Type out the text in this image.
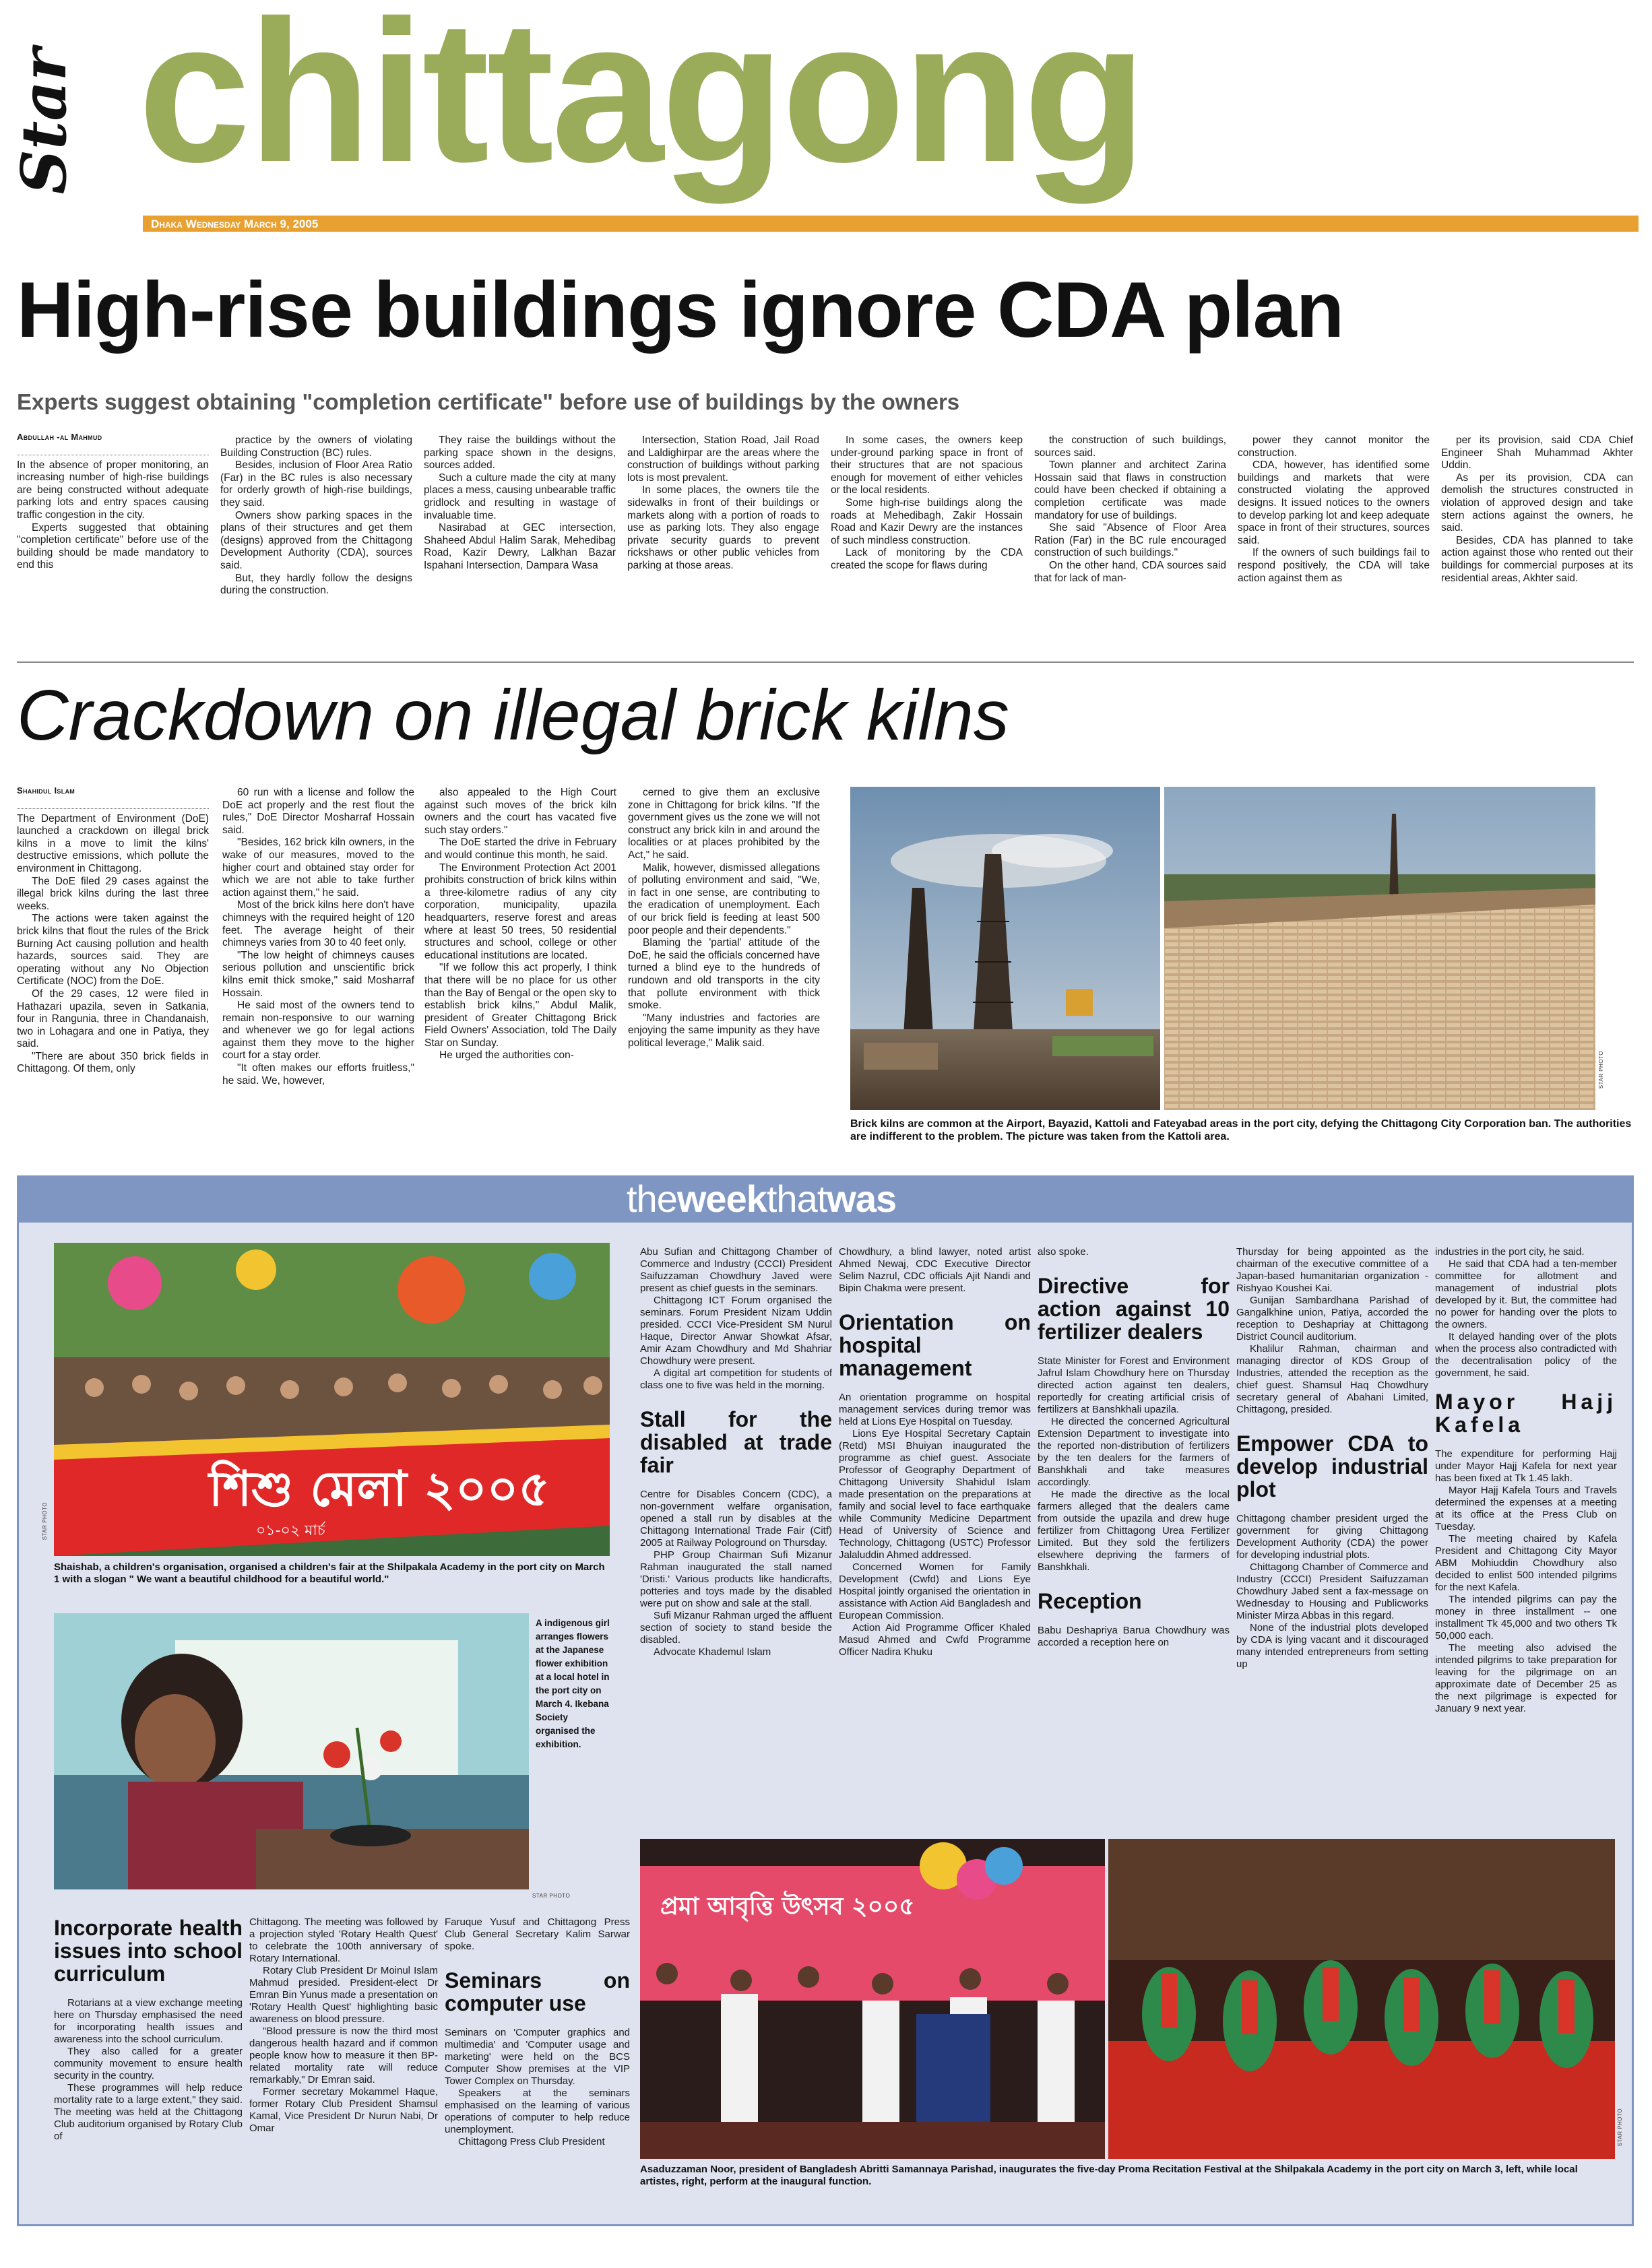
Star chittagong
Dhaka Wednesday March 9, 2005
High-rise buildings ignore CDA plan
Experts suggest obtaining "completion certificate" before use of buildings by the owners
Abdullah -al Mahmud

In the absence of proper monitoring, an increasing number of high-rise buildings are being constructed without adequate parking lots and entry spaces causing traffic congestion in the city.

Experts suggested that obtaining "completion certificate" before use of the building should be made mandatory to end this

practice by the owners of violating Building Construction (BC) rules.

Besides, inclusion of Floor Area Ratio (Far) in the BC rules is also necessary for orderly growth of high-rise buildings, they said.

Owners show parking spaces in the plans of their structures and get them (designs) approved from the Chittagong Development Authority (CDA), sources said.

But, they hardly follow the designs during the construction.

They raise the buildings without the parking space shown in the designs, sources added.

Such a culture made the city at many places a mess, causing unbearable traffic gridlock and resulting in wastage of invaluable time.

Nasirabad at GEC intersection, Shaheed Abdul Halim Sarak, Mehedibag Road, Kazir Dewry, Lalkhan Bazar Ispahani Intersection, Dampara Wasa

Intersection, Station Road, Jail Road and Laldighirpar are the areas where the construction of buildings without parking lots is most prevalent.

In some places, the owners tile the sidewalks in front of their buildings or markets along with a portion of roads to use as parking lots. They also engage private security guards to prevent rickshaws or other public vehicles from parking at those areas.

In some cases, the owners keep under-ground parking space in front of their structures that are not spacious enough for movement of either vehicles or the local residents.

Some high-rise buildings along the roads at Mehedibagh, Zakir Hossain Road and Kazir Dewry are the instances of such mindless construction.

Lack of monitoring by the CDA created the scope for flaws during

the construction of such buildings, sources said.

Town planner and architect Zarina Hossain said that flaws in construction could have been checked if obtaining a completion certificate was made mandatory for use of buildings.

She said "Absence of Floor Area Ration (Far) in the BC rule encouraged construction of such buildings."

On the other hand, CDA sources said that for lack of man-

power they cannot monitor the construction.

CDA, however, has identified some buildings and markets that were constructed violating the approved designs. It issued notices to the owners to develop parking lot and keep adequate space in front of their structures, sources said.

If the owners of such buildings fail to respond positively, the CDA will take action against them as

per its provision, said CDA Chief Engineer Shah Muhammad Akhter Uddin.

As per its provision, CDA can demolish the structures constructed in violation of approved design and take stern actions against the owners, he said.

Besides, CDA has planned to take action against those who rented out their buildings for commercial purposes at its residential areas, Akhter said.

Crackdown on illegal brick kilns
Shahidul Islam

The Department of Environment (DoE) launched a crackdown on illegal brick kilns in a move to limit the kilns' destructive emissions, which pollute the environment in Chittagong.

The DoE filed 29 cases against the illegal brick kilns during the last three weeks.

The actions were taken against the brick kilns that flout the rules of the Brick Burning Act causing pollution and health hazards, sources said. They are operating without any No Objection Certificate (NOC) from the DoE.

Of the 29 cases, 12 were filed in Hathazari upazila, seven in Satkania, four in Rangunia, three in Chandanaish, two in Lohagara and one in Patiya, they said.

"There are about 350 brick fields in Chittagong. Of them, only

60 run with a license and follow the DoE act properly and the rest flout the rules," DoE Director Mosharraf Hossain said.

"Besides, 162 brick kiln owners, in the wake of our measures, moved to the higher court and obtained stay order for which we are not able to take further action against them," he said.

Most of the brick kilns here don't have chimneys with the required height of 120 feet. The average height of their chimneys varies from 30 to 40 feet only.

"The low height of chimneys causes serious pollution and unscientific brick kilns emit thick smoke," said Mosharraf Hossain.

He said most of the owners tend to remain non-responsive to our warning and whenever we go for legal actions against them they move to the higher court for a stay order.

"It often makes our efforts fruitless," he said. We, however,

also appealed to the High Court against such moves of the brick kiln owners and the court has vacated five such stay orders."

The DoE started the drive in February and would continue this month, he said.

The Environment Protection Act 2001 prohibits construction of brick kilns within a three-kilometre radius of any city corporation, municipality, upazila headquarters, reserve forest and areas where at least 50 trees, 50 residential structures and school, college or other educational institutions are located.

"If we follow this act properly, I think that there will be no place for us other than the Bay of Bengal or the open sky to establish brick kilns," Abdul Malik, president of Greater Chittagong Brick Field Owners' Association, told The Daily Star on Sunday.

He urged the authorities con-

cerned to give them an exclusive zone in Chittagong for brick kilns. "If the government gives us the zone we will not construct any brick kiln in and around the localities or at places prohibited by the Act," he said.

Malik, however, dismissed allegations of polluting environment and said, "We, in fact in one sense, are contributing to the eradication of unemployment. Each of our brick field is feeding at least 500 poor people and their dependents."

Blaming the 'partial' attitude of the DoE, he said the officials concerned have turned a blind eye to the hundreds of rundown and old transports in the city that pollute environment with thick smoke.

"Many industries and factories are enjoying the same impunity as they have political leverage," Malik said.

STAR PHOTO
Brick kilns are common at the Airport, Bayazid, Kattoli and Fateyabad areas in the port city, defying the Chittagong City Corporation ban. The authorities are indifferent to the problem. The picture was taken from the Kattoli area.
theweekthatwas
শিশু মেলা ২০০৫
০১-০২ মার্চ
STAR PHOTO
Shaishab, a children's organisation, organised a children's fair at the Shilpakala Academy in the port city on March 1 with a slogan " We want a beautiful childhood for a beautiful world."
A indigenous girl arranges flowers at the Japanese flower exhibition at a local hotel in the port city on March 4. Ikebana Society organised the exhibition.
STAR PHOTO	প্রমা আবৃত্তি উৎসব ২০০৫
STAR PHOTO
Asaduzzaman Noor, president of Bangladesh Abritti Samannaya Parishad, inaugurates the five-day Proma Recitation Festival at the Shilpakala Academy in the port city on March 3, left, while local artistes, right, perform at the inaugural function.

Abu Sufian and Chittagong Chamber of Commerce and Industry (CCCI) President Saifuzzaman Chowdhury Javed were present as chief guests in the seminars.

Chittagong ICT Forum organised the seminars. Forum President Nizam Uddin presided. CCCI Vice-President SM Nurul Haque, Director Anwar Showkat Afsar, Amir Azam Chowdhury and Md Shahriar Chowdhury were present.

A digital art competition for students of class one to five was held in the morning.

Stall for the disabled at trade fair

Centre for Disables Concern (CDC), a non-government welfare organisation, opened a stall run by disables at the Chittagong International Trade Fair (Citf) 2005 at Railway Pologround on Thursday.

PHP Group Chairman Sufi Mizanur Rahman inaugurated the stall named 'Dristi.' Various products like handicrafts, potteries and toys made by the disabled were put on show and sale at the stall.

Sufi Mizanur Rahman urged the affluent section of society to stand beside the disabled.

Advocate Khademul Islam

Chowdhury, a blind lawyer, noted artist Ahmed Newaj, CDC Executive Director Selim Nazrul, CDC officials Ajit Nandi and Bipin Chakma were present.

Orientation on hospital management

An orientation programme on hospital management services during tremor was held at Lions Eye Hospital on Tuesday.

Lions Eye Hospital Secretary Captain (Retd) MSI Bhuiyan inaugurated the programme as chief guest. Associate Professor of Geography Department of Chittagong University Shahidul Islam made presentation on the preparations at family and social level to face earthquake while Community Medicine Department Head of University of Science and Technology, Chittagong (USTC) Professor Jalaluddin Ahmed addressed.

Concerned Women for Family Development (Cwfd) and Lions Eye Hospital jointly organised the orientation in assistance with Action Aid Bangladesh and European Commission.

Action Aid Programme Officer Khaled Masud Ahmed and Cwfd Programme Officer Nadira Khuku

also spoke.

Directive for action against 10 fertilizer dealers

State Minister for Forest and Environment Jafrul Islam Chowdhury here on Thursday directed action against ten dealers, reportedly for creating artificial crisis of fertilizers at Banshkhali upazila.

He directed the concerned Agricultural Extension Department to investigate into the reported non-distribution of fertilizers by the ten dealers for the farmers of Banshkhali and take measures accordingly.

He made the directive as the local farmers alleged that the dealers came from outside the upazila and drew huge fertilizer from Chittagong Urea Fertilizer Limited. But they sold the fertilizers elsewhere depriving the farmers of Banshkhali.

Reception

Babu Deshapriya Barua Chowdhury was accorded a reception here on

Thursday for being appointed as the chairman of the executive committee of a Japan-based humanitarian organization - Rishyao Koushei Kai.

Gunijan Sambardhana Parishad of Gangalkhine union, Patiya, accorded the reception to Deshapriay at Chittagong District Council auditorium.

Khalilur Rahman, chairman and managing director of KDS Group of Industries, attended the reception as the chief guest. Shamsul Haq Chowdhury secretary general of Abahani Limited, Chittagong, presided.

Empower CDA to develop industrial plot

Chittagong chamber president urged the government for giving Chittagong Development Authority (CDA) the power for developing industrial plots.

Chittagong Chamber of Commerce and Industry (CCCI) President Saifuzzaman Chowdhury Jabed sent a fax-message on Wednesday to Housing and Publicworks Minister Mirza Abbas in this regard.

None of the industrial plots developed by CDA is lying vacant and it discouraged many intended entrepreneurs from setting up

industries in the port city, he said.

He said that CDA had a ten-member committee for allotment and management of industrial plots developed by it. But, the committee had no power for handing over the plots to the owners.

It delayed handing over of the plots when the process also contradicted with the decentralisation policy of the government, he said.

Mayor Hajj Kafela

The expenditure for performing Hajj under Mayor Hajj Kafela for next year has been fixed at Tk 1.45 lakh.

Mayor Hajj Kafela Tours and Travels determined the expenses at a meeting at its office at the Press Club on Tuesday.

The meeting chaired by Kafela President and Chittagong City Mayor ABM Mohiuddin Chowdhury also decided to enlist 500 intended pilgrims for the next Kafela.

The intended pilgrims can pay the money in three installment -- one installment Tk 45,000 and two others Tk 50,000 each.

The meeting also advised the intended pilgrims to take preparation for leaving for the pilgrimage on an approximate date of December 25 as the next pilgrimage is expected for January 9 next year.

Incorporate health issues into school curriculum

Rotarians at a view exchange meeting here on Thursday emphasised the need for incorporating health issues and awareness into the school curriculum.

They also called for a greater community movement to ensure health security in the country.

These programmes will help reduce mortality rate to a large extent," they said. The meeting was held at the Chittagong Club auditorium organised by Rotary Club of

Chittagong. The meeting was followed by a projection styled 'Rotary Health Quest' to celebrate the 100th anniversary of Rotary International.

Rotary Club President Dr Moinul Islam Mahmud presided. President-elect Dr Emran Bin Yunus made a presentation on 'Rotary Health Quest' highlighting basic awareness on blood pressure.

"Blood pressure is now the third most dangerous health hazard and if common people know how to measure it then BP-related mortality rate will reduce remarkably," Dr Emran said.

Former secretary Mokammel Haque, former Rotary Club President Shamsul Kamal, Vice President Dr Nurun Nabi, Dr Omar

Faruque Yusuf and Chittagong Press Club General Secretary Kalim Sarwar spoke.

Seminars on computer use

Seminars on 'Computer graphics and multimedia' and 'Computer usage and marketing' were held on the BCS Computer Show premises at the VIP Tower Complex on Thursday.

Speakers at the seminars emphasised on the learning of various operations of computer to help reduce unemployment.

Chittagong Press Club President
